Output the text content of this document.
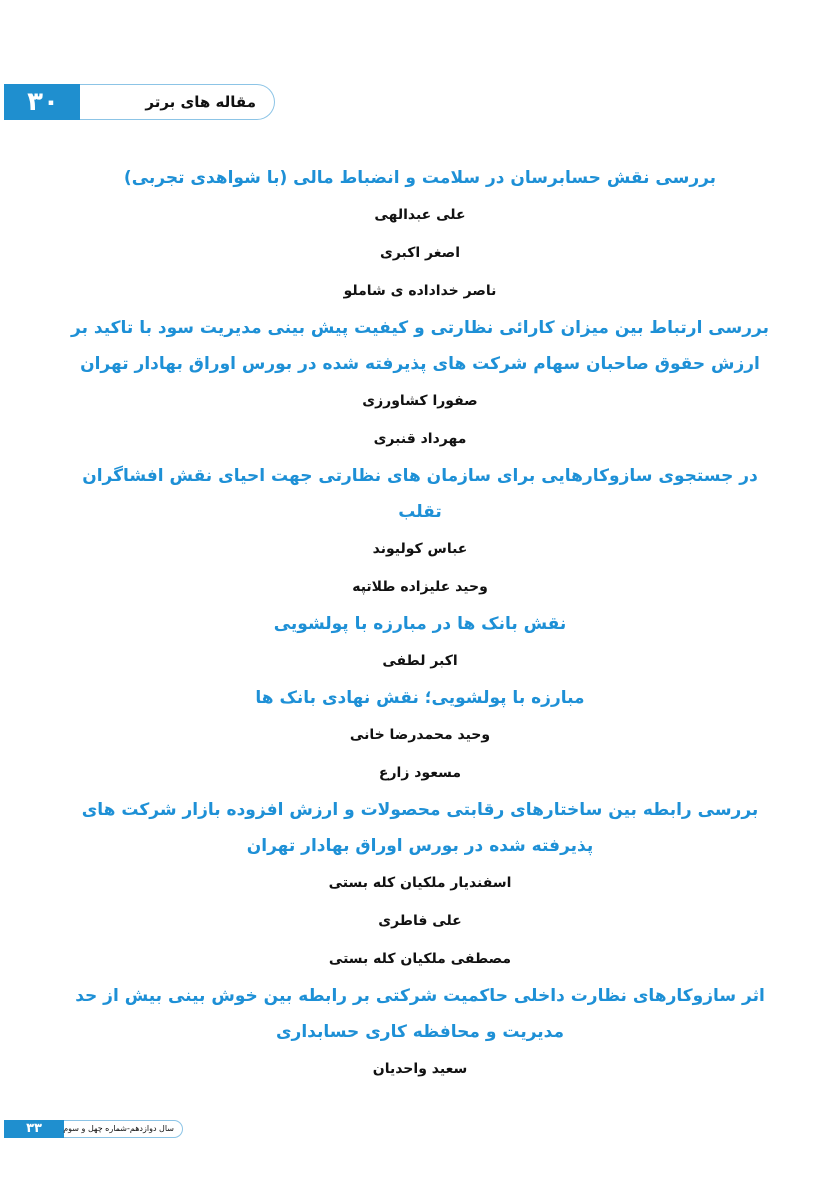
۳۰	مقاله های برتر

بررسی نقش حسابرسان در سلامت و انضباط مالی (با شواهدی تجربی)

علی عبدالهی

اصغر اکبری

ناصر خداداده ی شاملو

بررسی ارتباط بین میزان کارائی نظارتی و کیفیت پیش بینی مدیریت سود با تاکید بر ارزش حقوق صاحبان سهام شرکت های پذیرفته شده در بورس اوراق بهادار تهران

صفورا کشاورزی

مهرداد قنبری

در جستجوی سازوکارهایی برای سازمان های نظارتی جهت احیای نقش افشاگران تقلب

عباس کولیوند

وحید علیزاده طلاتپه

نقش بانک ها در مبارزه با پولشویی

اکبر لطفی

مبارزه با پولشویی؛ نقش نهادی بانک ها

وحید محمدرضا خانی

مسعود زارع

بررسی رابطه بین ساختارهای رقابتی محصولات و ارزش افزوده بازار شرکت های پذیرفته شده در بورس اوراق بهادار تهران

اسفندیار ملکیان کله بستی

علی فاطری

مصطفی ملکیان کله بستی

اثر سازوکارهای نظارت داخلی حاکمیت شرکتی بر رابطه بین خوش بینی بیش از حد مدیریت و محافظه کاری حسابداری

سعید واحدیان

۳۳	سال دوازدهم-شماره چهل و سوم
